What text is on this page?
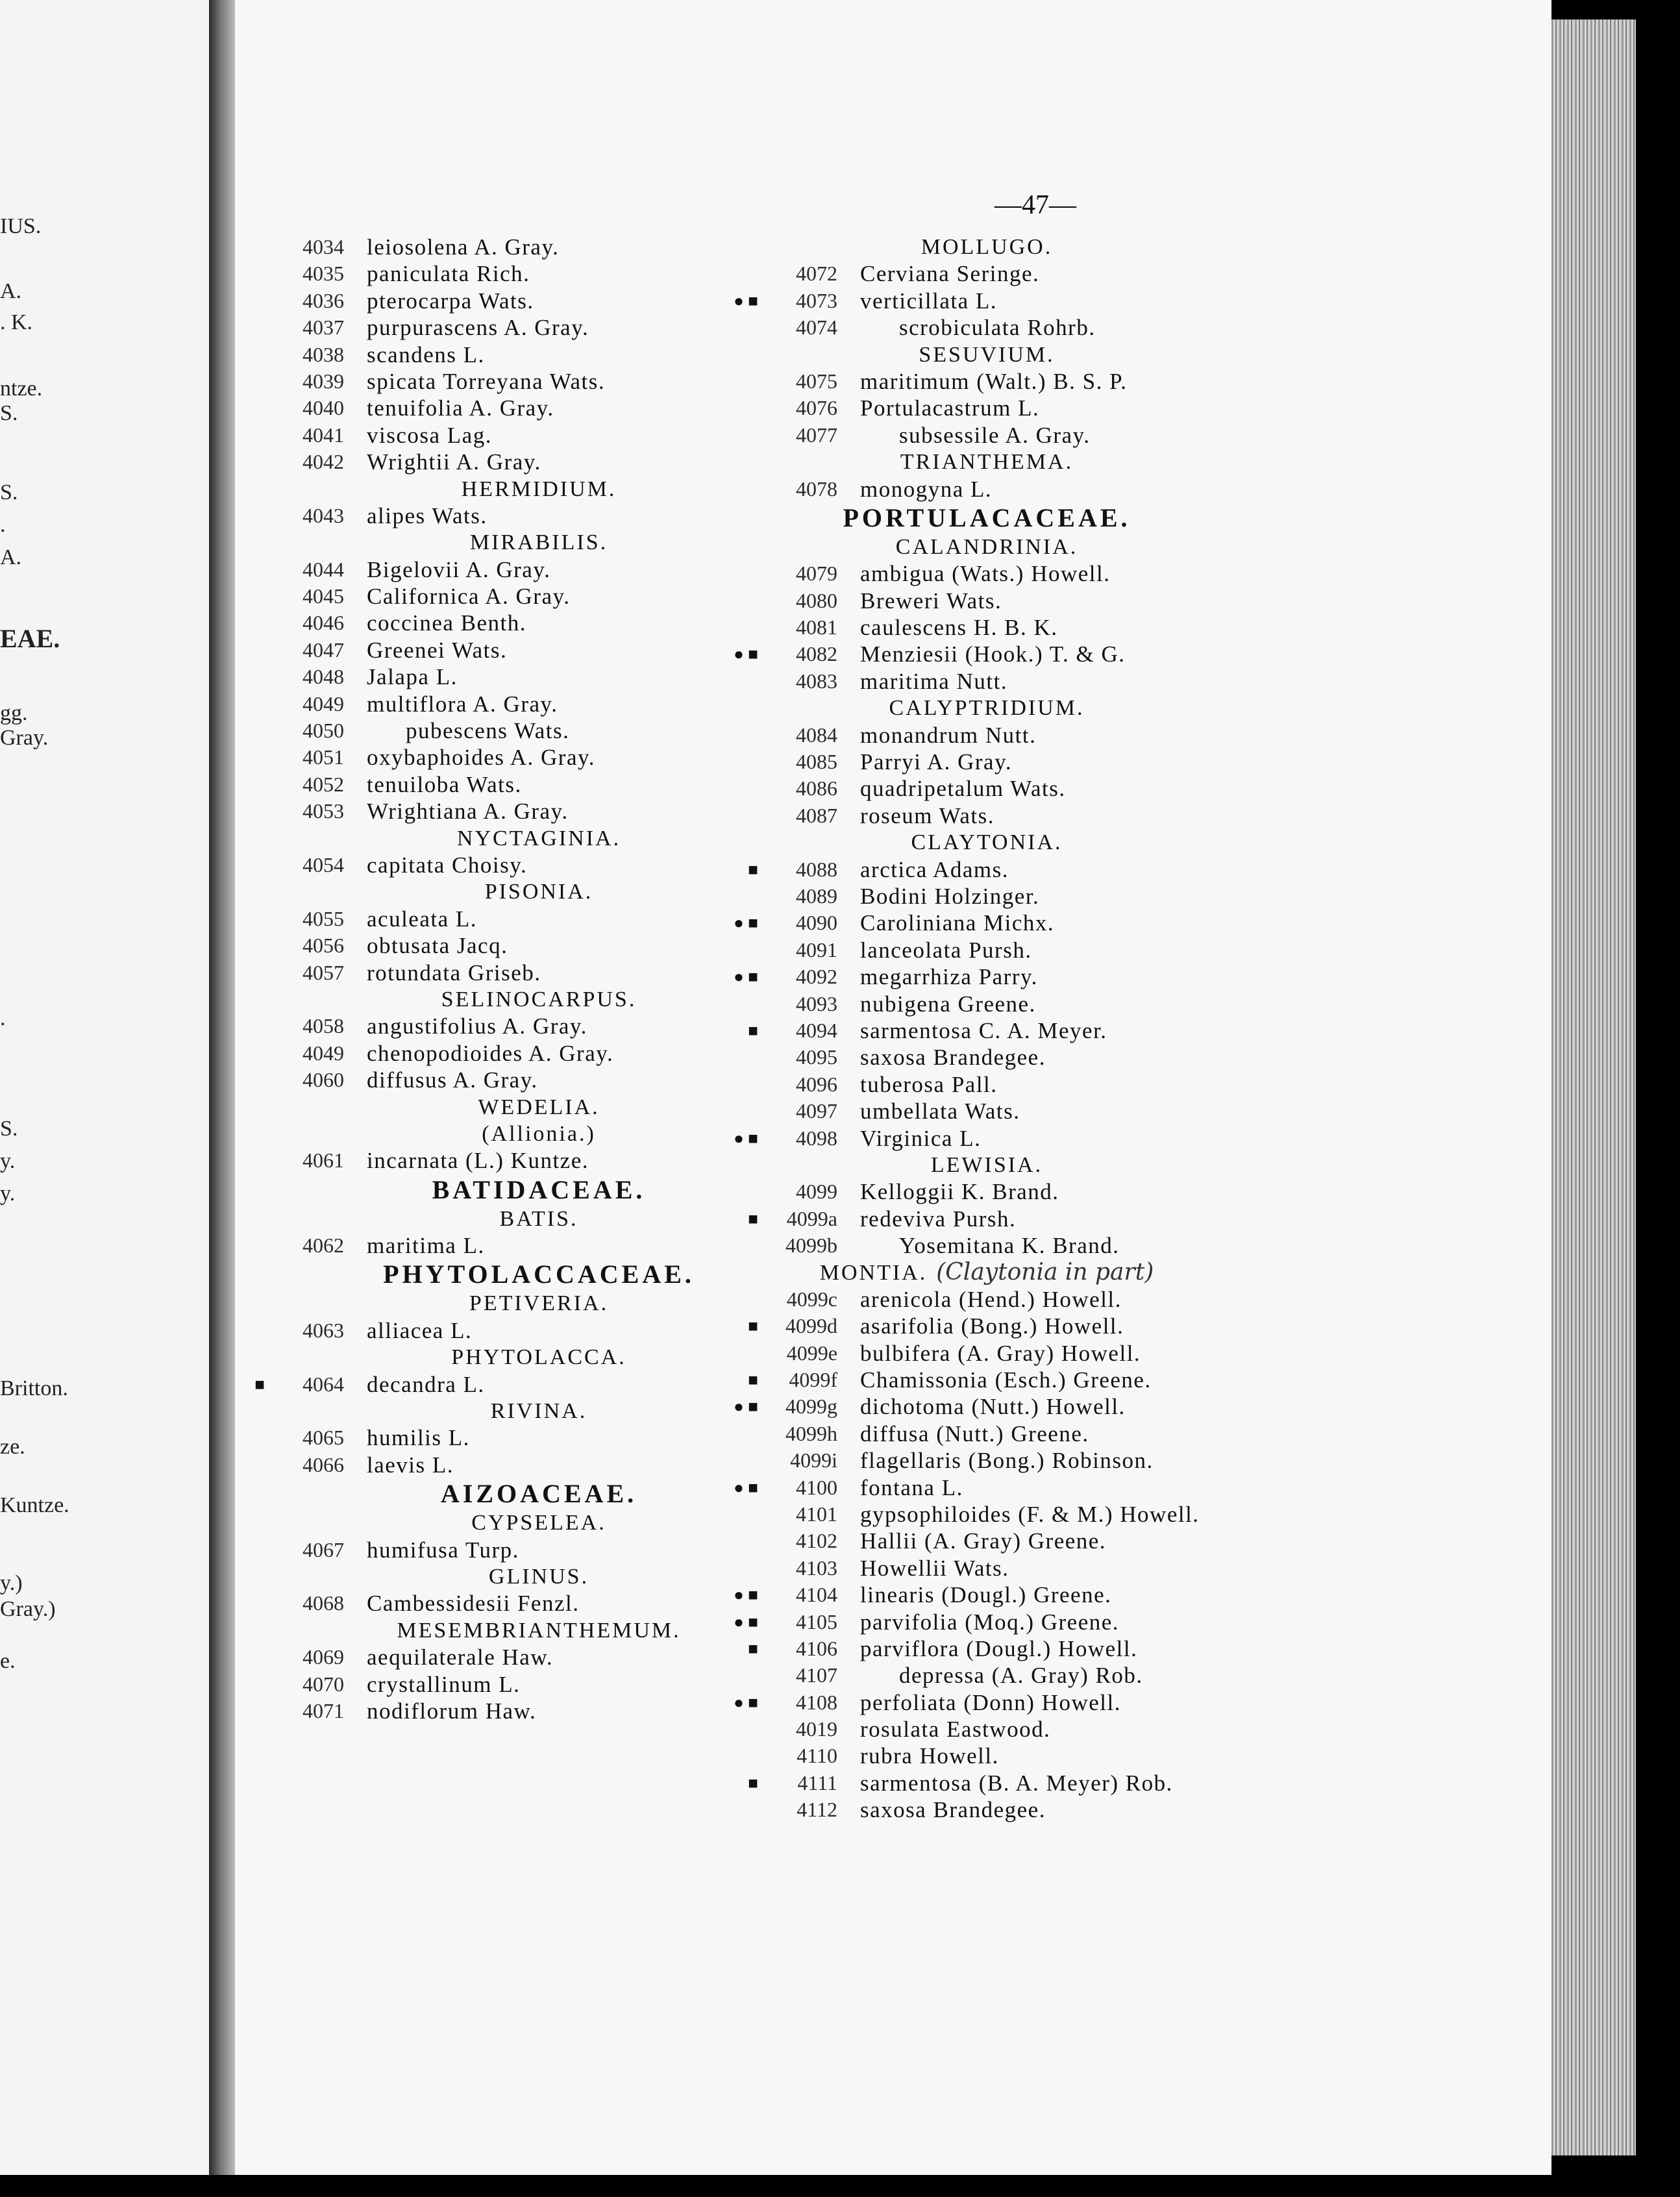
IUS.
A.
. K.
ntze.
S.
S.
.
A.
EAE.
gg.
Gray.
.
S.
y.
y.
Britton.
ze.
Kuntze.
y.)
Gray.)
e.
—47—
4034 leiosolena A. Gray.
4035 paniculata Rich.
4036 pterocarpa Wats.
4037 purpurascens A. Gray.
4038 scandens L.
4039 spicata Torreyana Wats.
4040 tenuifolia A. Gray.
4041 viscosa Lag.
4042 Wrightii A. Gray.
HERMIDIUM.
4043 alipes Wats.
MIRABILIS.
4044 Bigelovii A. Gray.
4045 Californica A. Gray.
4046 coccinea Benth.
4047 Greenei Wats.
4048 Jalapa L.
4049 multiflora A. Gray.
4050	pubescens Wats.
4051 oxybaphoides A. Gray.
4052 tenuiloba Wats.
4053 Wrightiana A. Gray.
NYCTAGINIA.
4054 capitata Choisy.
PISONIA.
4055 aculeata L.
4056 obtusata Jacq.
4057 rotundata Griseb.
SELINOCARPUS.
4058 angustifolius A. Gray.
4049 chenopodioides A. Gray.
4060 diffusus A. Gray.
WEDELIA.
(Allionia.)
4061 incarnata (L.) Kuntze.
BATIDACEAE.
BATIS.
4062 maritima L.
PHYTOLACCACEAE.
PETIVERIA.
4063 alliacea L.
PHYTOLACCA.
■	4064 decandra L.
RIVINA.
4065 humilis L.
4066 laevis L.
AIZOACEAE.
CYPSELEA.
4067 humifusa Turp.
GLINUS.
4068 Cambessidesii Fenzl.
MESEMBRIANTHEMUM.
4069 aequilaterale Haw.
4070 crystallinum L.
4071 nodiflorum Haw.
MOLLUGO.
4072 Cerviana Seringe.
● ■	4073 verticillata L.
4074	scrobiculata Rohrb.
SESUVIUM.
4075 maritimum (Walt.) B. S. P.
4076 Portulacastrum L.
4077	subsessile A. Gray.
TRIANTHEMA.
4078 monogyna L.
PORTULACACEAE.
CALANDRINIA.
4079 ambigua (Wats.) Howell.
4080 Breweri Wats.
4081 caulescens H. B. K.
● ■	4082 Menziesii (Hook.) T. & G.
4083 maritima Nutt.
CALYPTRIDIUM.
4084 monandrum Nutt.
4085 Parryi A. Gray.
4086 quadripetalum Wats.
4087 roseum Wats.
CLAYTONIA.
■	4088 arctica Adams.
4089 Bodini Holzinger.
● ■	4090 Caroliniana Michx.
4091 lanceolata Pursh.
● ■	4092 megarrhiza Parry.
4093 nubigena Greene.
■	4094 sarmentosa C. A. Meyer.
4095 saxosa Brandegee.
4096 tuberosa Pall.
4097 umbellata Wats.
● ■	4098 Virginica L.
LEWISIA.
4099 Kelloggii K. Brand.
■	4099a redeviva Pursh.
4099b	Yosemitana K. Brand.
MONTIA. (Claytonia in part)
4099c arenicola (Hend.) Howell.
■	4099d asarifolia (Bong.) Howell.
4099e bulbifera (A. Gray) Howell.
■	4099f Chamissonia (Esch.) Greene.
● ■	4099g dichotoma (Nutt.) Howell.
4099h diffusa (Nutt.) Greene.
4099i flagellaris (Bong.) Robinson.
● ■	4100 fontana L.
4101 gypsophiloides (F. & M.) Howell.
4102 Hallii (A. Gray) Greene.
4103 Howellii Wats.
● ■	4104 linearis (Dougl.) Greene.
● ■	4105 parvifolia (Moq.) Greene.
■	4106 parviflora (Dougl.) Howell.
4107	depressa (A. Gray) Rob.
● ■	4108 perfoliata (Donn) Howell.
4019 rosulata Eastwood.
4110 rubra Howell.
■	4111 sarmentosa (B. A. Meyer) Rob.
4112 saxosa Brandegee.
